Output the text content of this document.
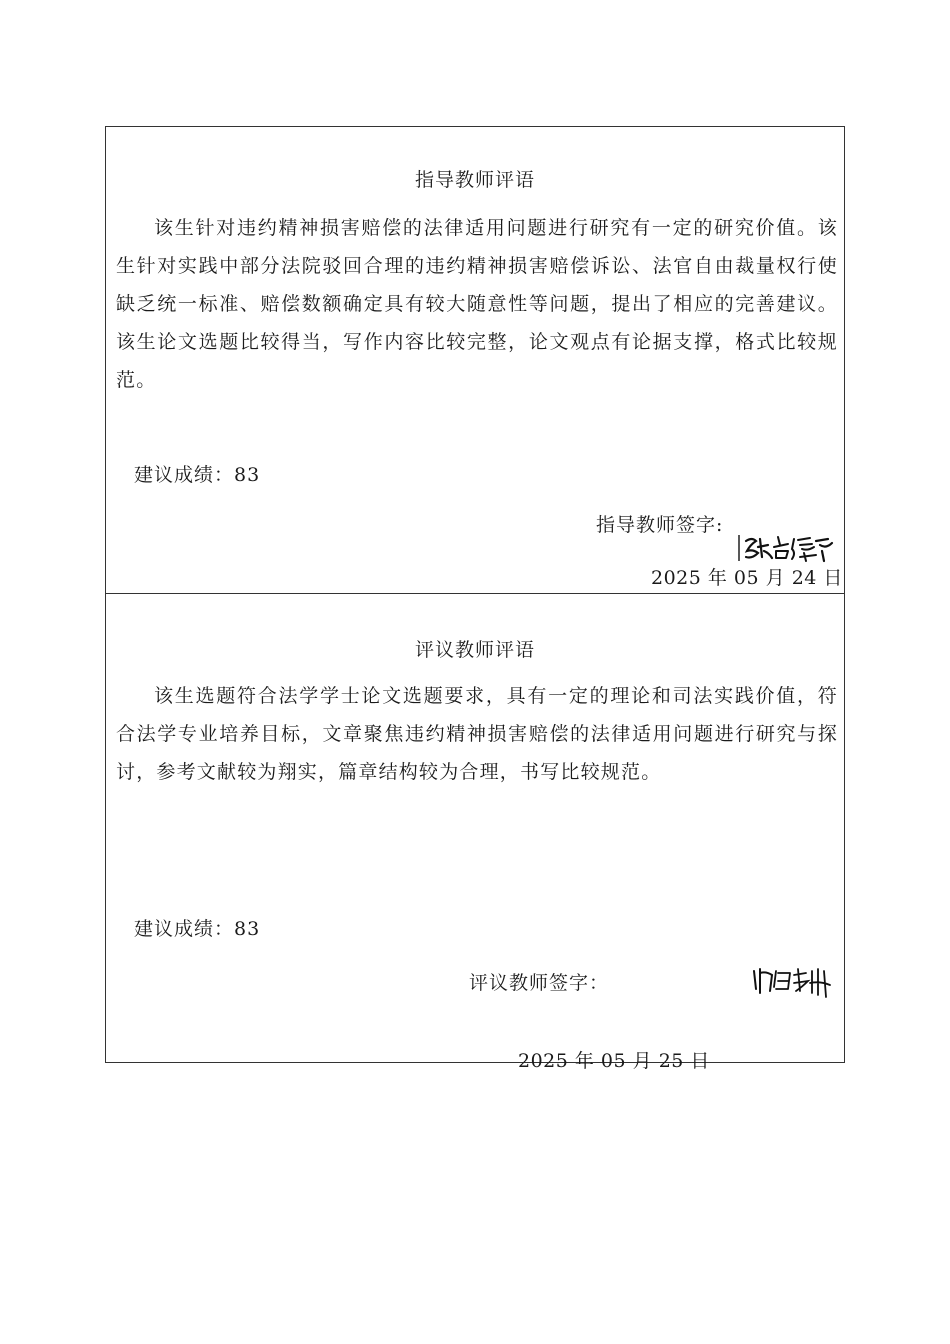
指导教师评语

该生针对违约精神损害赔偿的法律适用问题进行研究有一定的研究价值。该生针对实践中部分法院驳回合理的违约精神损害赔偿诉讼、法官自由裁量权行使缺乏统一标准、赔偿数额确定具有较大随意性等问题，提出了相应的完善建议。该生论文选题比较得当，写作内容比较完整，论文观点有论据支撑，格式比较规范。

建议成绩：83
指导教师签字:
2025 年 05 月 24 日
评议教师评语

该生选题符合法学学士论文选题要求，具有一定的理论和司法实践价值，符合法学专业培养目标，文章聚焦违约精神损害赔偿的法律适用问题进行研究与探讨，参考文献较为翔实，篇章结构较为合理，书写比较规范。

建议成绩：83
评议教师签字：
2025 年 05 月 25 日
